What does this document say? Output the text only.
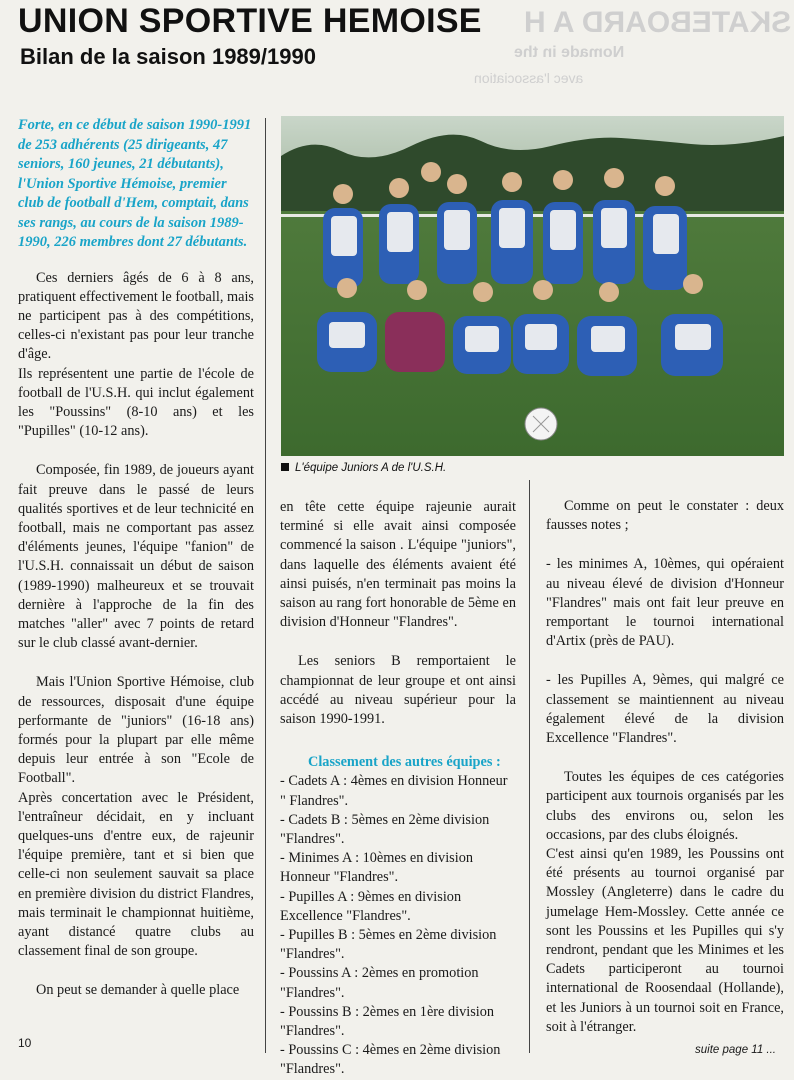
SKATEBOARD A H
Nomade in the
avec l'association
UNION SPORTIVE HEMOISE
Bilan de la saison 1989/1990

Forte, en ce début de saison 1990-1991 de 253 adhérents (25 dirigeants, 47 seniors, 160 jeunes, 21 débutants), l'Union Sportive Hémoise, premier club de football d'Hem, comptait, dans ses rangs, au cours de la saison 1989-1990, 226 membres dont 27 débutants.

Ces derniers âgés de 6 à 8 ans, pratiquent effectivement le football, mais ne participent pas à des compétitions, celles-ci n'existant pas pour leur tranche d'âge.

Ils représentent une partie de l'école de football de l'U.S.H. qui inclut également les "Poussins" (8-10 ans) et les "Pupilles" (10-12 ans).

Composée, fin 1989, de joueurs ayant fait preuve dans le passé de leurs qualités sportives et de leur technicité en football, mais ne comportant pas assez d'éléments jeunes, l'équipe "fanion" de l'U.S.H. connaissait un début de saison (1989-1990) malheureux et se trouvait dernière à l'approche de la fin des matches "aller" avec 7 points de retard sur le club classé avant-dernier.

Mais l'Union Sportive Hémoise, club de ressources, disposait d'une équipe performante de "juniors" (16-18 ans) formés pour la plupart par elle même depuis leur entrée à son "Ecole de Football".

Après concertation avec le Président, l'entraîneur décidait, en y incluant quelques-uns d'entre eux, de rajeunir l'équipe première, tant et si bien que celle-ci non seulement sauvait sa place en première division du district Flandres, mais terminait le championnat huitième, ayant distancé quatre clubs au classement final de son groupe.

On peut se demander à quelle place

L'équipe Juniors A de l'U.S.H.

en tête cette équipe rajeunie aurait terminé si elle avait ainsi composée commencé la saison . L'équipe "juniors", dans laquelle des éléments avaient été ainsi puisés, n'en terminait pas moins la saison au rang fort honorable de 5ème en division d'Honneur "Flandres".

Les seniors B remportaient le championnat de leur groupe et ont ainsi accédé au niveau supérieur pour la saison 1990-1991.

Classement des autres équipes :

- Cadets A : 4èmes en division Honneur " Flandres".

- Cadets B : 5èmes en 2ème division "Flandres".

- Minimes A : 10èmes en division Honneur "Flandres".

- Pupilles A : 9èmes en division Excellence "Flandres".

- Pupilles B : 5èmes en 2ème division "Flandres".

- Poussins A : 2èmes en promotion "Flandres".

- Poussins B : 2èmes en 1ère division "Flandres".

- Poussins C : 4èmes en 2ème division "Flandres".

Comme on peut le constater : deux fausses notes ;

- les minimes A, 10èmes, qui opéraient au niveau élevé de division d'Honneur "Flandres" mais ont fait leur preuve en remportant le tournoi international d'Artix (près de PAU).

- les Pupilles A, 9èmes, qui malgré ce classement se maintiennent au niveau également élevé de la division Excellence "Flandres".

Toutes les équipes de ces catégories participent aux tournois organisés par les clubs des environs ou, selon les occasions, par des clubs éloignés.

C'est ainsi qu'en 1989, les Poussins ont été présents au tournoi organisé par Mossley (Angleterre) dans le cadre du jumelage Hem-Mossley. Cette année ce sont les Poussins et les Pupilles qui s'y rendront, pendant que les Minimes et les Cadets participeront au tournoi international de Roosendaal (Hollande), et les Juniors à un tournoi soit en France, soit à l'étranger.

10	suite page 11 ...
